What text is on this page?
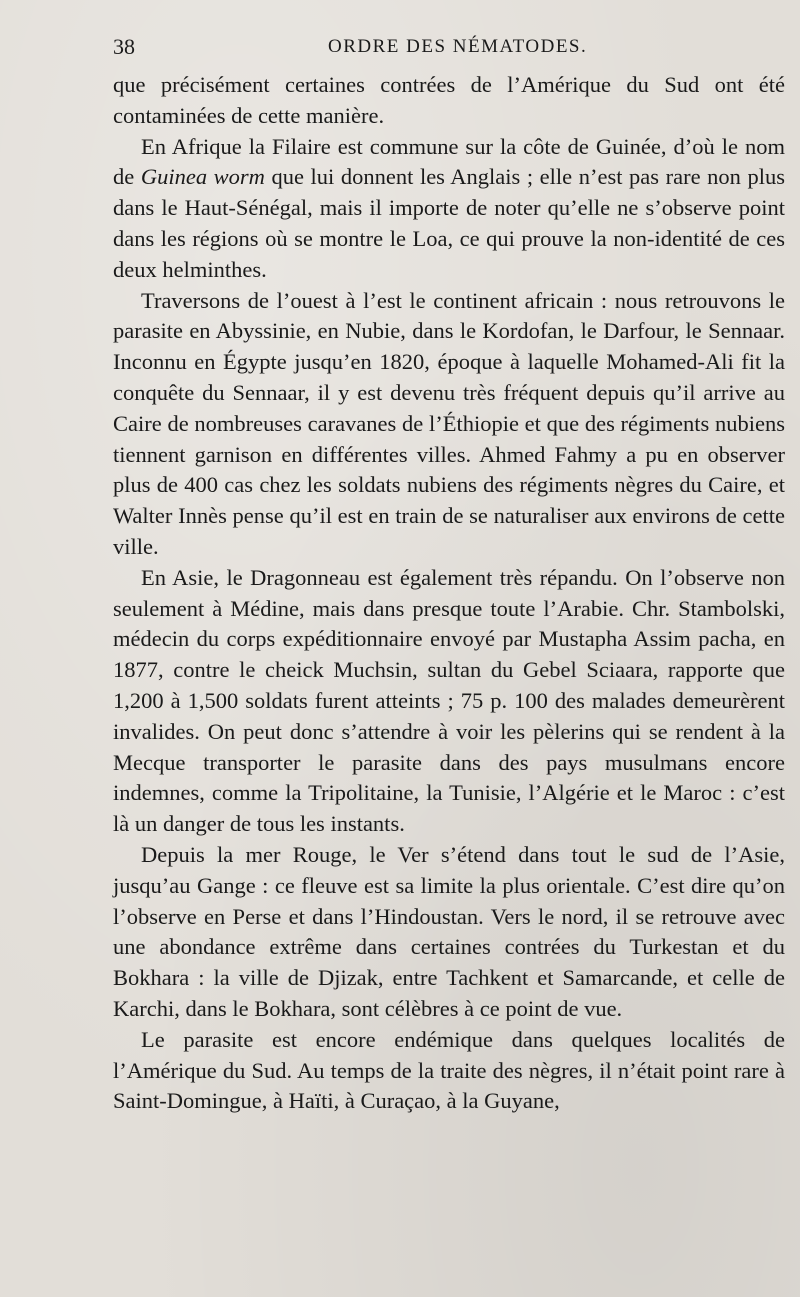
38	ORDRE DES NÉMATODES.

que précisément certaines contrées de l’Amérique du Sud ont été contaminées de cette manière.

En Afrique la Filaire est commune sur la côte de Guinée, d’où le nom de Guinea worm que lui donnent les Anglais ; elle n’est pas rare non plus dans le Haut-Sénégal, mais il importe de noter qu’elle ne s’observe point dans les régions où se montre le Loa, ce qui prouve la non-identité de ces deux helminthes.

Traversons de l’ouest à l’est le continent africain : nous retrouvons le parasite en Abyssinie, en Nubie, dans le Kordofan, le Darfour, le Sennaar. Inconnu en Égypte jusqu’en 1820, époque à laquelle Mohamed-Ali fit la conquête du Sennaar, il y est devenu très fréquent depuis qu’il arrive au Caire de nombreuses caravanes de l’Éthiopie et que des régiments nubiens tiennent garnison en différentes villes. Ahmed Fahmy a pu en observer plus de 400 cas chez les soldats nubiens des régiments nègres du Caire, et Walter Innès pense qu’il est en train de se naturaliser aux environs de cette ville.

En Asie, le Dragonneau est également très répandu. On l’observe non seulement à Médine, mais dans presque toute l’Arabie. Chr. Stambolski, médecin du corps expéditionnaire envoyé par Mustapha Assim pacha, en 1877, contre le cheick Muchsin, sultan du Gebel Sciaara, rapporte que 1,200 à 1,500 soldats furent atteints ; 75 p. 100 des malades demeurèrent invalides. On peut donc s’attendre à voir les pèlerins qui se rendent à la Mecque transporter le parasite dans des pays musulmans encore indemnes, comme la Tripolitaine, la Tunisie, l’Algérie et le Maroc : c’est là un danger de tous les instants.

Depuis la mer Rouge, le Ver s’étend dans tout le sud de l’Asie, jusqu’au Gange : ce fleuve est sa limite la plus orientale. C’est dire qu’on l’observe en Perse et dans l’Hindoustan. Vers le nord, il se retrouve avec une abondance extrême dans certaines contrées du Turkestan et du Bokhara : la ville de Djizak, entre Tachkent et Samarcande, et celle de Karchi, dans le Bokhara, sont célèbres à ce point de vue.

Le parasite est encore endémique dans quelques localités de l’Amérique du Sud. Au temps de la traite des nègres, il n’était point rare à Saint-Domingue, à Haïti, à Curaçao, à la Guyane,
